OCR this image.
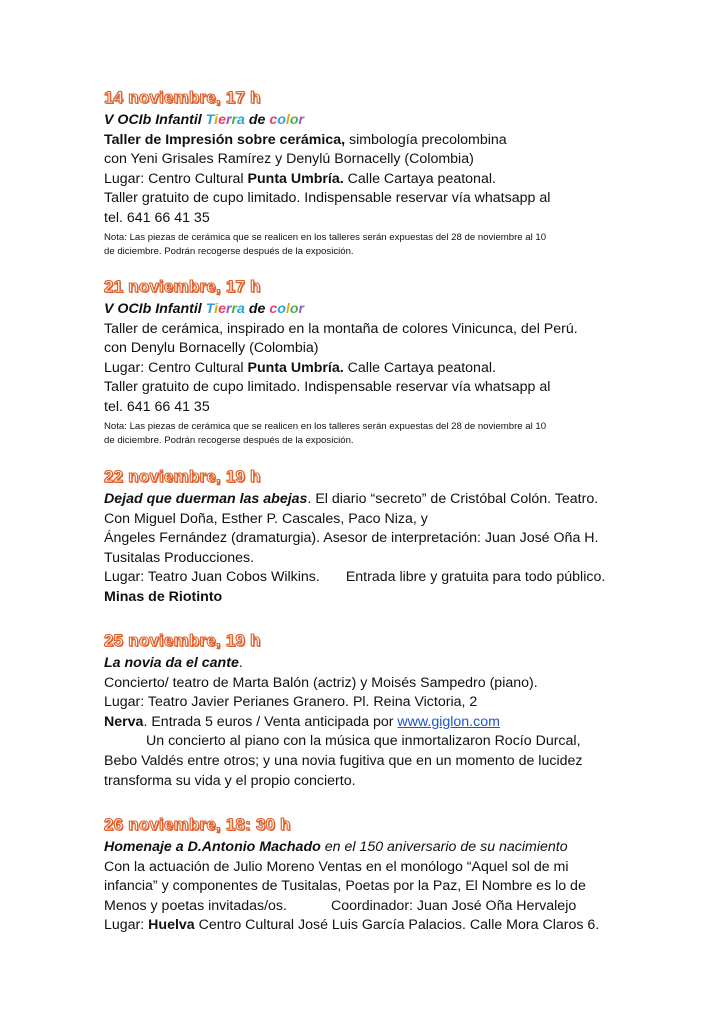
14 noviembre, 17 h
V OCIb Infantil Tierra de color
Taller de Impresión sobre cerámica, simbología precolombina
con Yeni Grisales Ramírez y Denylú Bornacelly (Colombia)
Lugar: Centro Cultural Punta Umbría. Calle Cartaya peatonal.
Taller gratuito de cupo limitado. Indispensable reservar vía whatsapp al
tel. 641 66 41 35
Nota: Las piezas de cerámica que se realicen en los talleres serán expuestas del 28 de noviembre al 10
de diciembre. Podrán recogerse después de la exposición.
21 noviembre, 17 h
V OCIb Infantil Tierra de color
Taller de cerámica, inspirado en la montaña de colores Vinicunca, del Perú.
con Denylu Bornacelly (Colombia)
Lugar: Centro Cultural Punta Umbría. Calle Cartaya peatonal.
Taller gratuito de cupo limitado. Indispensable reservar vía whatsapp al
tel. 641 66 41 35
Nota: Las piezas de cerámica que se realicen en los talleres serán expuestas del 28 de noviembre al 10
de diciembre. Podrán recogerse después de la exposición.
22 noviembre, 19 h
Dejad que duerman las abejas. El diario “secreto” de Cristóbal Colón. Teatro.
Con Miguel Doña, Esther P. Cascales, Paco Niza, y
Ángeles Fernández (dramaturgia). Asesor de interpretación: Juan José Oña H.
Tusitalas Producciones.
Lugar: Teatro Juan Cobos Wilkins. Entrada libre y gratuita para todo público.
Minas de Riotinto
25 noviembre, 19 h
La novia da el cante.
Concierto/ teatro de Marta Balón (actriz) y Moisés Sampedro (piano).
Lugar: Teatro Javier Perianes Granero. Pl. Reina Victoria, 2
Nerva. Entrada 5 euros / Venta anticipada por www.giglon.com
Un concierto al piano con la música que inmortalizaron Rocío Durcal,
Bebo Valdés entre otros; y una novia fugitiva que en un momento de lucidez
transforma su vida y el propio concierto.
26 noviembre, 18: 30 h
Homenaje a D.Antonio Machado en el 150 aniversario de su nacimiento
Con la actuación de Julio Moreno Ventas en el monólogo “Aquel sol de mi
infancia” y componentes de Tusitalas, Poetas por la Paz, El Nombre es lo de
Menos y poetas invitadas/os.	Coordinador: Juan José Oña Hervalejo
Lugar: Huelva Centro Cultural José Luis García Palacios. Calle Mora Claros 6.
